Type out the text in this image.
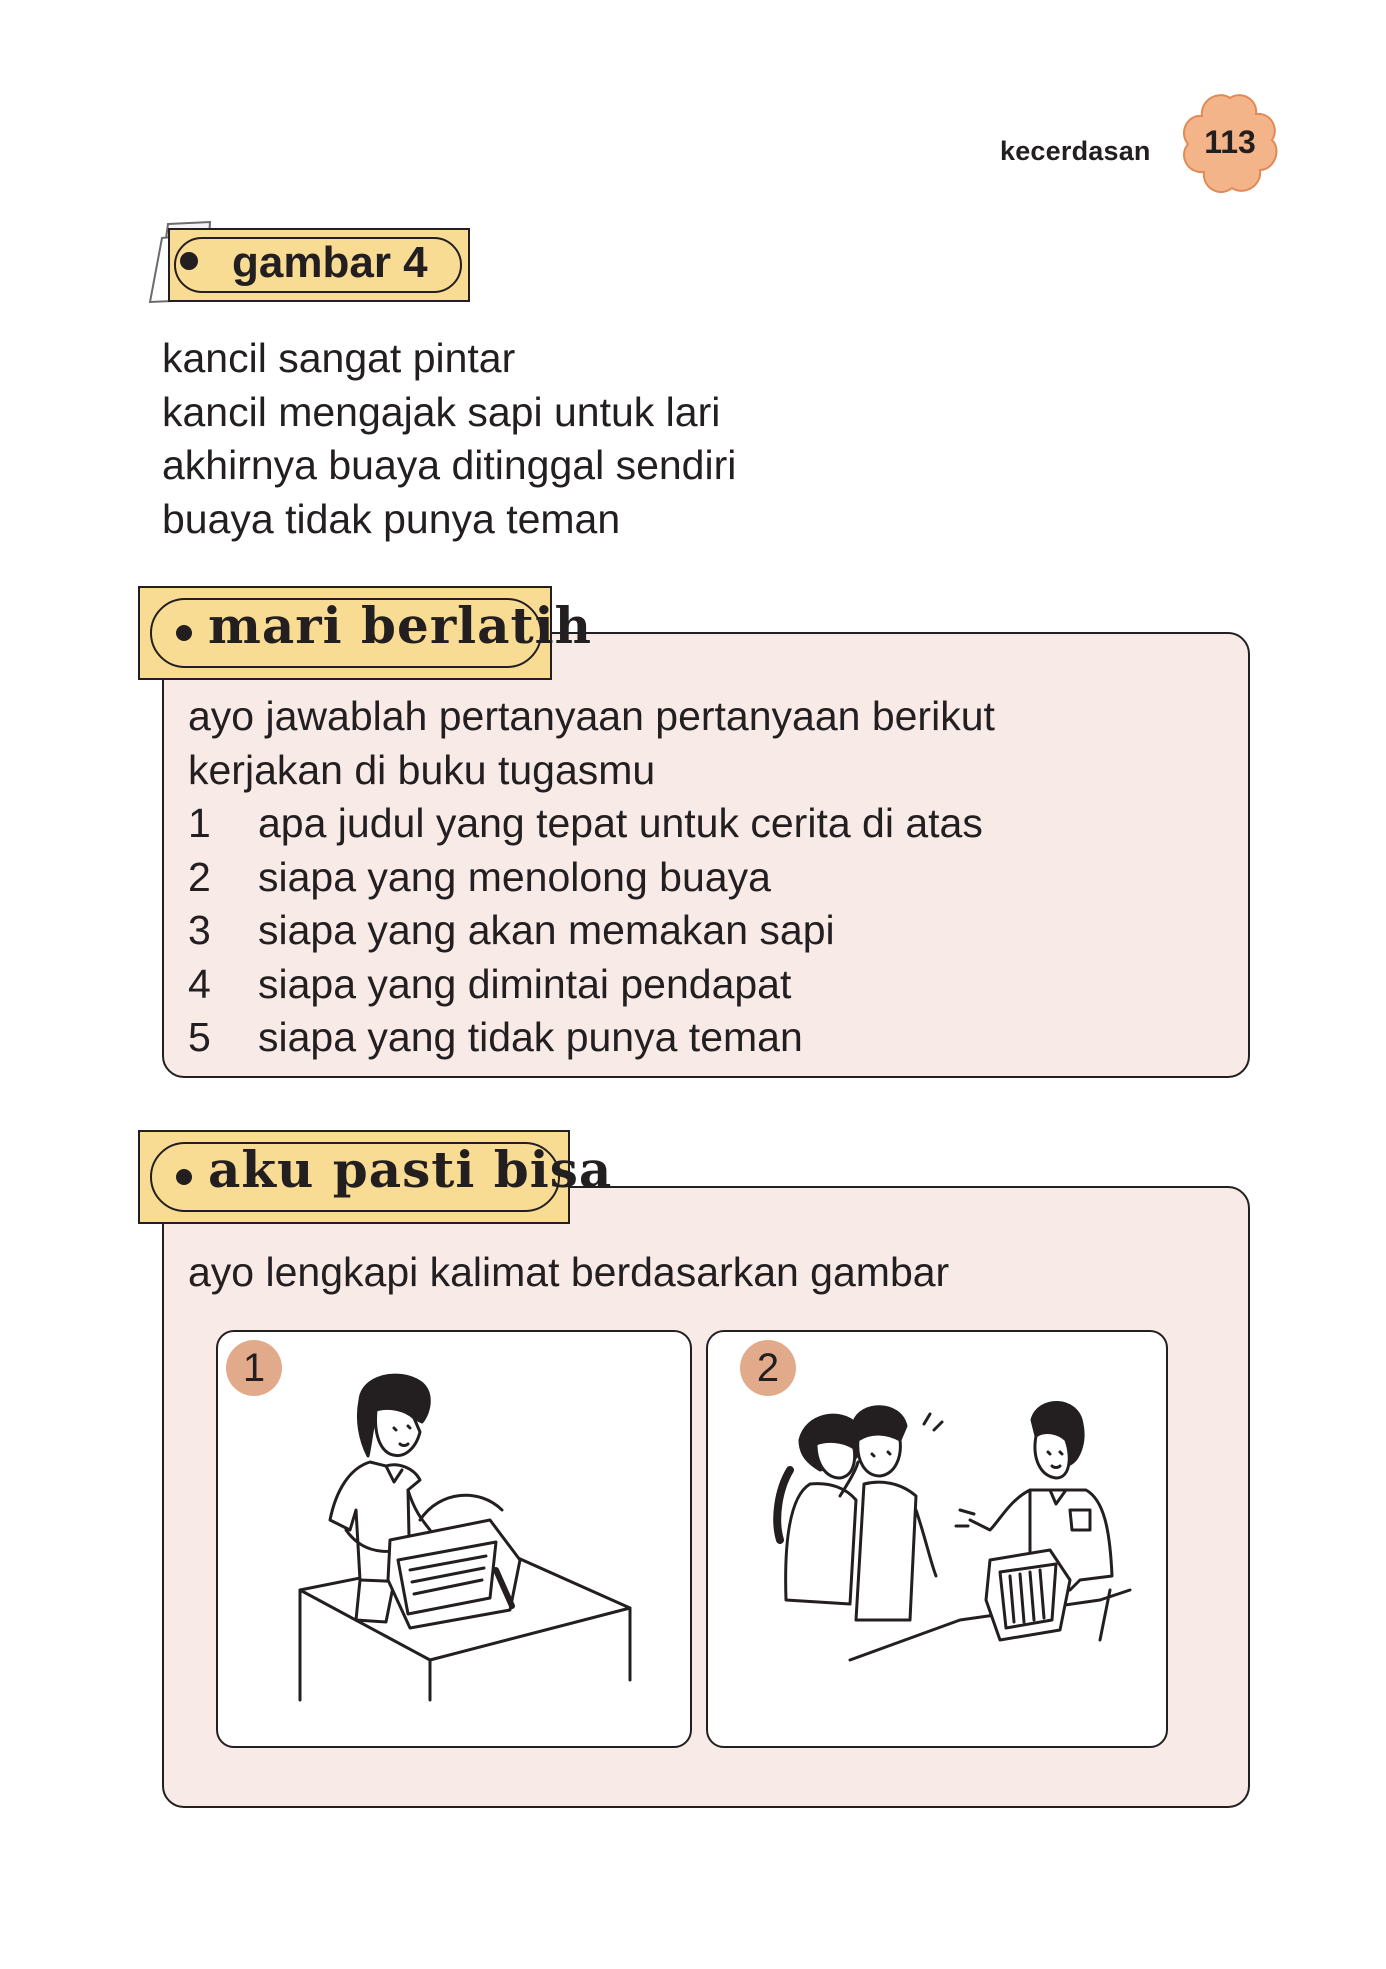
kecerdasan	113
gambar 4
kancil sangat pintar
kancil mengajak sapi untuk lari
akhirnya buaya ditinggal sendiri
buaya tidak punya teman
mari berlatih
ayo jawablah pertanyaan pertanyaan berikut
kerjakan di buku tugasmu
1	apa judul yang tepat untuk cerita di atas
2	siapa yang menolong buaya
3	siapa yang akan memakan sapi
4	siapa yang dimintai pendapat
5	siapa yang tidak punya teman
aku pasti bisa
ayo lengkapi kalimat berdasarkan gambar
1	2
